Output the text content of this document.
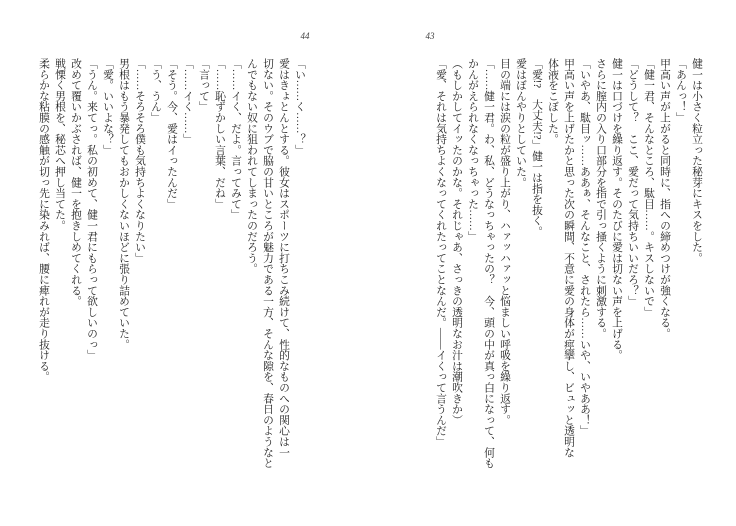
44	43
健一は小さく粒立った秘芽にキスをした。
「あんっ！」
甲高い声が上がると同時に、指への締めつけが強くなる。
「健一君、そんなところ、駄目……。キスしないで」
「どうして？　ここ、愛だって気持ちいいだろ？」
健一は口づけを繰り返す。そのたびに愛は切ない声を上げる。
さらに膣内の入り口部分を指で引っ掻くように刺激する。
「いやあ、駄目ッ……ああぁ、そんなこと、されたら……いや、いやああ！」
甲高い声を上げたかと思った次の瞬間、不意に愛の身体が痙攣し、ビュッと透明な
体液をこぼした。
「愛!?　大丈夫!?」健一は指を抜く。
愛はぼんやりとしていた。
目の端には涙の粒が盛り上がり、ハァッハァッと悩ましい呼吸を繰り返す。
「……健一君。わ、私、どうなっちゃったの？　今、頭の中が真っ白になって、何も
かんがえられなくなっちゃった……」
（もしかしてイッたのかな。それじゃあ、さっきの透明なお汁は潮吹きか）
「愛、それは気持ちよくなってくれたってことなんだ。――イくって言うんだ」
「い……く……？」
愛はきょとんとする。彼女はスポーツに打ちこみ続けて、性的なものへの関心は一
切ない。そのウブで脇の甘いところが魅力である一方、そんな隙を、春日のようなと
んでもない奴に狙われてしまったのだろう。
「……イく、だよ。言ってみて」
「……恥ずかしい言葉、だね」
「言って」
「……イく……」
「そう。今、愛はイったんだ」
「う、うん」
「……そろそろ僕も気持ちよくなりたい」
男根はもう暴発してもおかしくないほどに張り詰めていた。
「愛。いいよな？」
「うん。来てっ。私の初めて、健一君にもらって欲しいのっ」
改めて覆いかぶされば、健一を抱きしめてくれる。
戦慄く男根を、秘芯へ押し当てた。
柔らかな粘膜の感触が切っ先に染みれば、腰に痺れが走り抜ける。
